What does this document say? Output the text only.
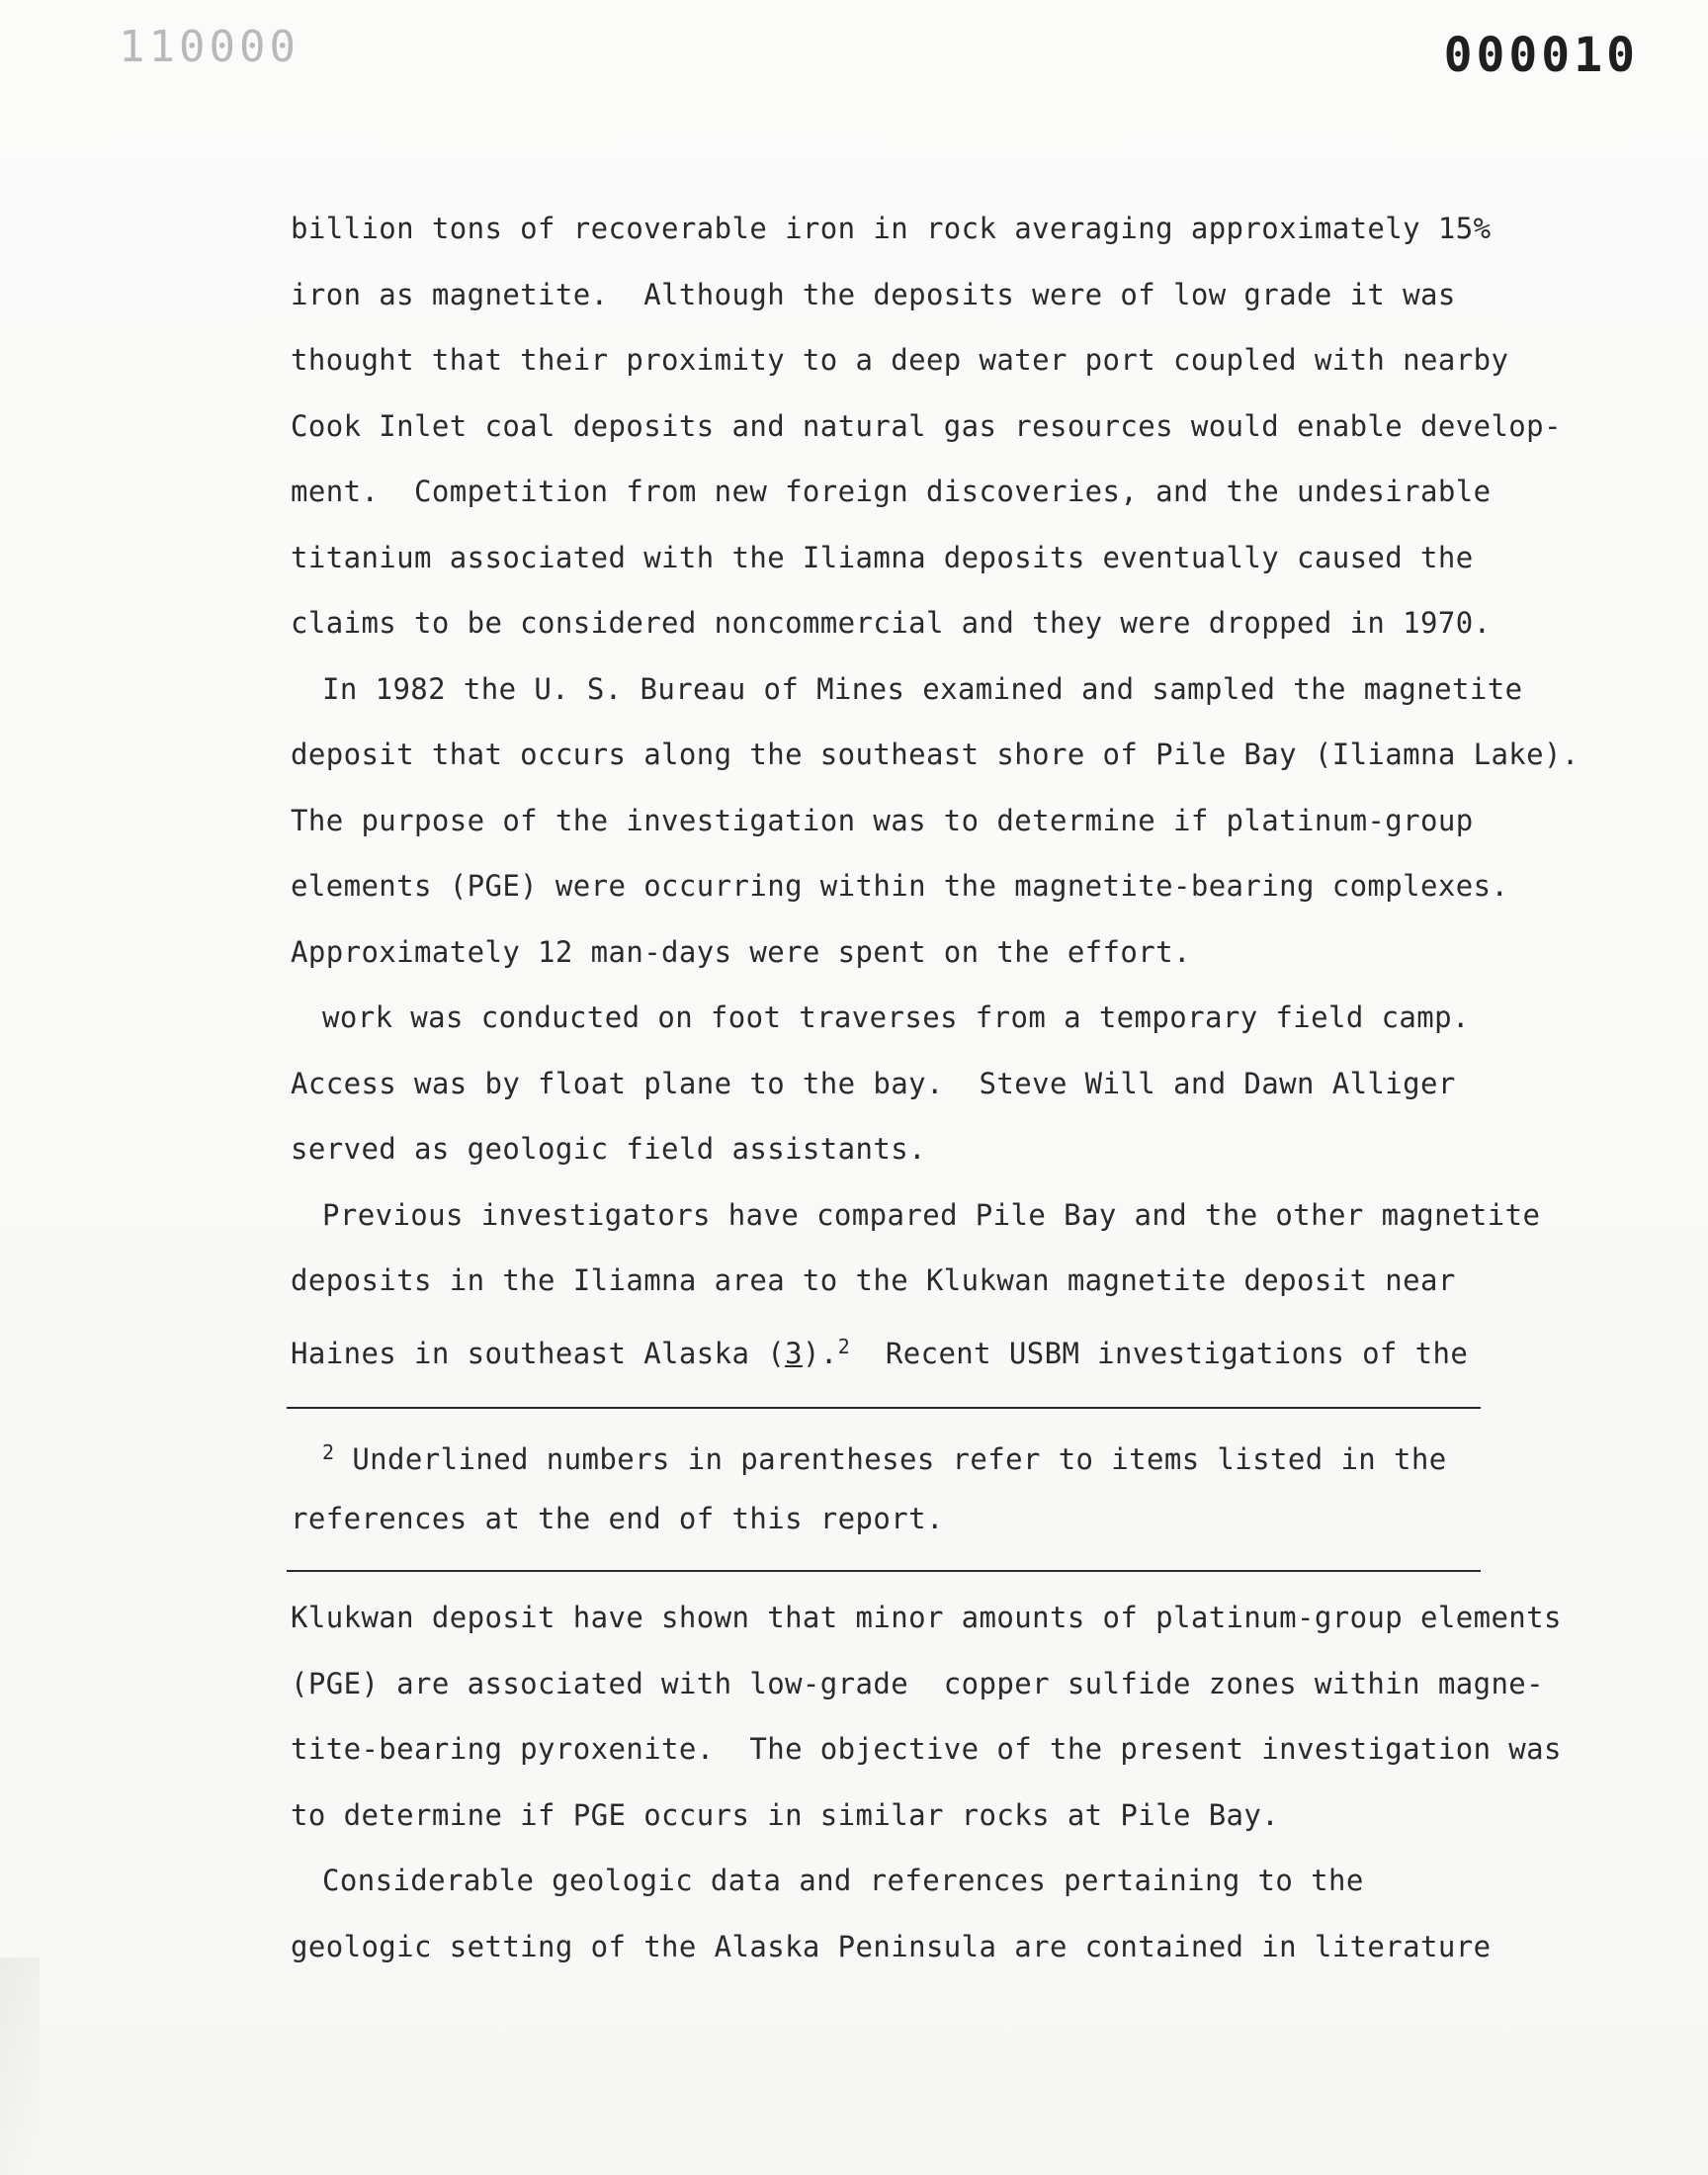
110000	000010
billion tons of recoverable iron in rock averaging approximately 15%
iron as magnetite.  Although the deposits were of low grade it was
thought that their proximity to a deep water port coupled with nearby
Cook Inlet coal deposits and natural gas resources would enable develop-
ment.  Competition from new foreign discoveries, and the undesirable
titanium associated with the Iliamna deposits eventually caused the
claims to be considered noncommercial and they were dropped in 1970.
In 1982 the U. S. Bureau of Mines examined and sampled the magnetite
deposit that occurs along the southeast shore of Pile Bay (Iliamna Lake).
The purpose of the investigation was to determine if platinum-group
elements (PGE) were occurring within the magnetite-bearing complexes.
Approximately 12 man-days were spent on the effort.
work was conducted on foot traverses from a temporary field camp.
Access was by float plane to the bay.  Steve Will and Dawn Alliger
served as geologic field assistants.
Previous investigators have compared Pile Bay and the other magnetite
deposits in the Iliamna area to the Klukwan magnetite deposit near
Haines in southeast Alaska (3).$^2$  Recent USBM investigations of the
$^2$ Underlined numbers in parentheses refer to items listed in the
references at the end of this report.
Klukwan deposit have shown that minor amounts of platinum-group elements
(PGE) are associated with low-grade  copper sulfide zones within magne-
tite-bearing pyroxenite.  The objective of the present investigation was
to determine if PGE occurs in similar rocks at Pile Bay.
Considerable geologic data and references pertaining to the
geologic setting of the Alaska Peninsula are contained in literature
